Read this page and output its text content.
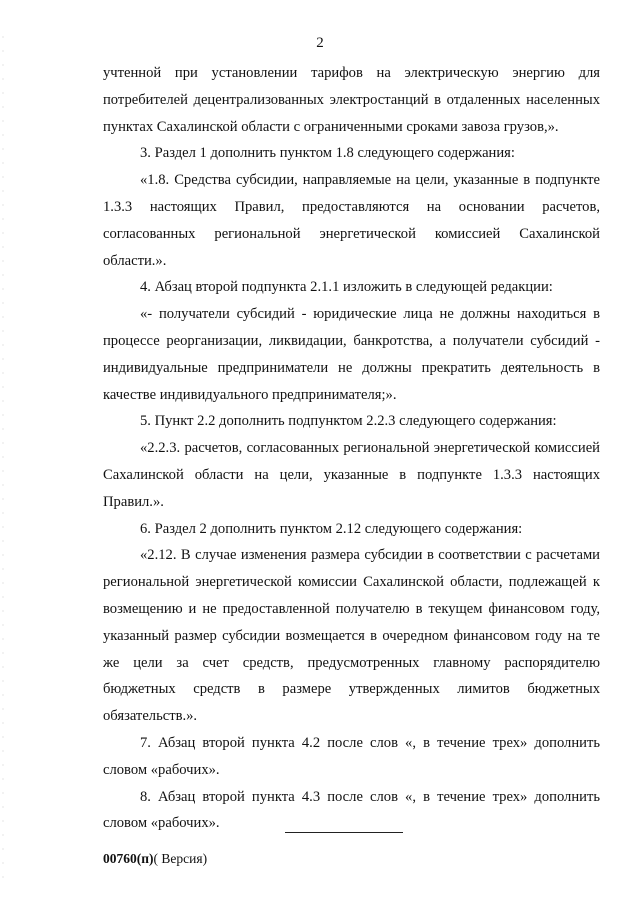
2

учтенной при установлении тарифов на электрическую энергию для потребителей децентрализованных электростанций в отдаленных населенных пунктах Сахалинской области с ограниченными сроками завоза грузов,».

3. Раздел 1 дополнить пунктом 1.8 следующего содержания:

«1.8. Средства субсидии, направляемые на цели, указанные в подпункте 1.3.3 настоящих Правил, предоставляются на основании расчетов, согласованных региональной энергетической комиссией Сахалинской области.».

4. Абзац второй подпункта 2.1.1 изложить в следующей редакции:

«- получатели субсидий - юридические лица не должны находиться в процессе реорганизации, ликвидации, банкротства, а получатели субсидий - индивидуальные предприниматели не должны прекратить деятельность в качестве индивидуального предпринимателя;».

5. Пункт 2.2 дополнить подпунктом 2.2.3 следующего содержания:

«2.2.3. расчетов, согласованных региональной энергетической комиссией Сахалинской области на цели, указанные в подпункте 1.3.3 настоящих Правил.».

6. Раздел 2 дополнить пунктом 2.12 следующего содержания:

«2.12. В случае изменения размера субсидии в соответствии с расчетами региональной энергетической комиссии Сахалинской области, подлежащей к возмещению и не предоставленной получателю в текущем финансовом году, указанный размер субсидии возмещается в очередном финансовом году на те же цели за счет средств, предусмотренных главному распорядителю бюджетных средств в размере утвержденных лимитов бюджетных обязательств.».

7. Абзац второй пункта 4.2 после слов «, в течение трех» дополнить словом «рабочих».

8. Абзац второй пункта 4.3 после слов «, в течение трех» дополнить словом «рабочих».

00760(п)( Версия)
